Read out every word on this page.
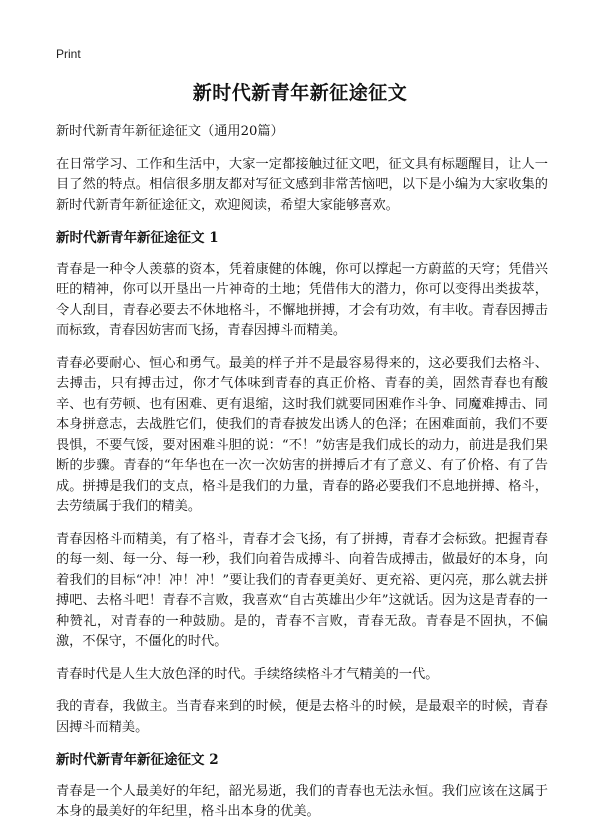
Print
新时代新青年新征途征文

新时代新青年新征途征文（通用20篇）

在日常学习、工作和生活中，大家一定都接触过征文吧，征文具有标题醒目，让人一目了然的特点。相信很多朋友都对写征文感到非常苦恼吧，以下是小编为大家收集的新时代新青年新征途征文，欢迎阅读，希望大家能够喜欢。

新时代新青年新征途征文 1

青春是一种令人羡慕的资本，凭着康健的体魄，你可以撑起一方蔚蓝的天穹；凭借兴旺的精神，你可以开垦出一片神奇的土地；凭借伟大的潜力，你可以变得出类拔萃，令人刮目，青春必要去不休地格斗，不懈地拼搏，才会有功效，有丰收。青春因搏击而标致，青春因妨害而飞扬，青春因搏斗而精美。

青春必要耐心、恒心和勇气。最美的样子并不是最容易得来的，这必要我们去格斗、去搏击，只有搏击过，你才气体味到青春的真正价格、青春的美，固然青春也有酸辛、也有劳顿、也有困难、更有退缩，这时我们就要同困难作斗争、同魔难搏击、同本身拼意志，去战胜它们，使我们的青春披发出诱人的色泽；在困难面前，我们不要畏惧，不要气馁，要对困难斗胆的说：“不！”妨害是我们成长的动力，前进是我们果断的步骤。青春的“年华也在一次一次妨害的拼搏后才有了意义、有了价格、有了告成。拼搏是我们的支点，格斗是我们的力量，青春的路必要我们不息地拼搏、格斗，去劳绩属于我们的精美。

青春因格斗而精美，有了格斗，青春才会飞扬，有了拼搏，青春才会标致。把握青春的每一刻、每一分、每一秒，我们向着告成搏斗、向着告成搏击，做最好的本身，向着我们的目标“冲！冲！冲！”要让我们的青春更美好、更充裕、更闪亮，那么就去拼搏吧、去格斗吧！青春不言败，我喜欢“自古英雄出少年”这就话。因为这是青春的一种赞礼，对青春的一种鼓励。是的，青春不言败，青春无敌。青春是不固执，不偏激，不保守，不僵化的时代。

青春时代是人生大放色泽的时代。手续络续格斗才气精美的一代。

我的青春，我做主。当青春来到的时候，便是去格斗的时候，是最艰辛的时候，青春因搏斗而精美。

新时代新青年新征途征文 2

青春是一个人最美好的年纪，韶光易逝，我们的青春也无法永恒。我们应该在这属于本身的最美好的年纪里，格斗出本身的优美。
